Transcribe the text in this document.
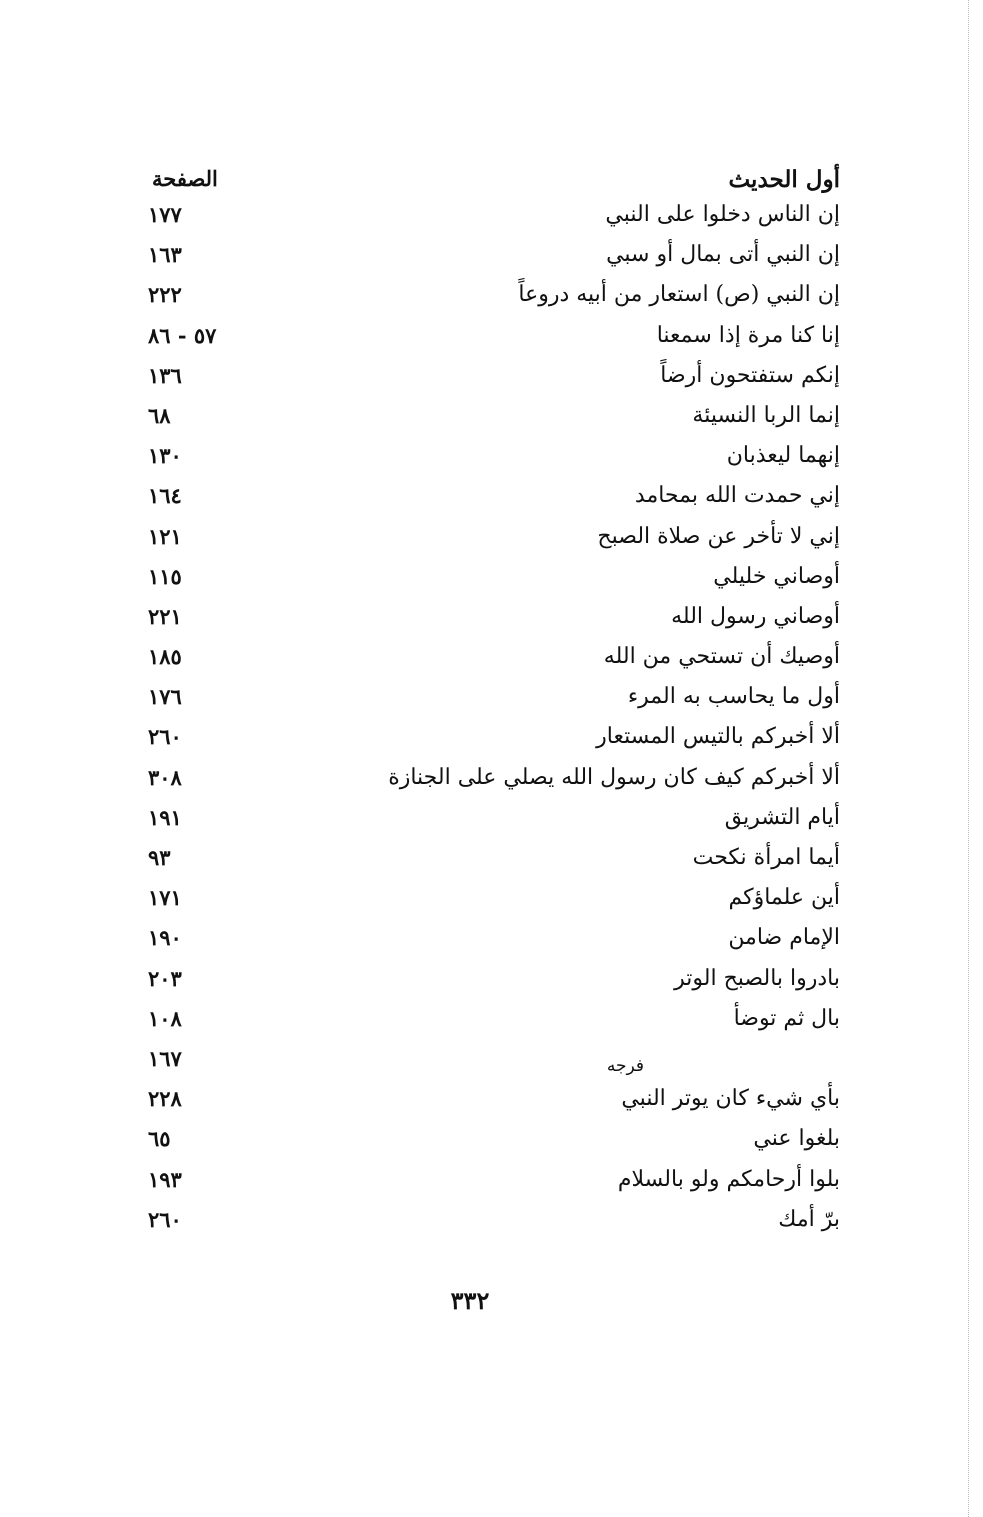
أول الحديث
الصفحة
إن الناس دخلوا على النبي
١٧٧
إن النبي أتى بمال أو سبي
١٦٣
إن النبي (ص) استعار من أبيه دروعاً
٢٢٢
إنا كنا مرة إذا سمعنا
٥٧ - ٨٦
إنكم ستفتحون أرضاً
١٣٦
إنما الربا النسيئة
٦٨
إنهما ليعذبان
١٣٠
إني حمدت الله بمحامد
١٦٤
إني لا تأخر عن صلاة الصبح
١٢١
أوصاني خليلي
١١٥
أوصاني رسول الله
٢٢١
أوصيك أن تستحي من الله
١٨٥
أول ما يحاسب به المرء
١٧٦
ألا أخبركم بالتيس المستعار
٢٦٠
ألا أخبركم كيف كان رسول الله يصلي على الجنازة
٣٠٨
أيام التشريق
١٩١
أيما امرأة نكحت
٩٣
أين علماؤكم
١٧١
الإمام ضامن
١٩٠
بادروا بالصبح الوتر
٢٠٣
بال ثم توضأ
١٠٨
فرجه
١٦٧
بأي شيء كان يوتر النبي
٢٢٨
بلغوا عني
٦٥
بلوا أرحامكم ولو بالسلام
١٩٣
برّ أمك
٢٦٠
٣٣٢
